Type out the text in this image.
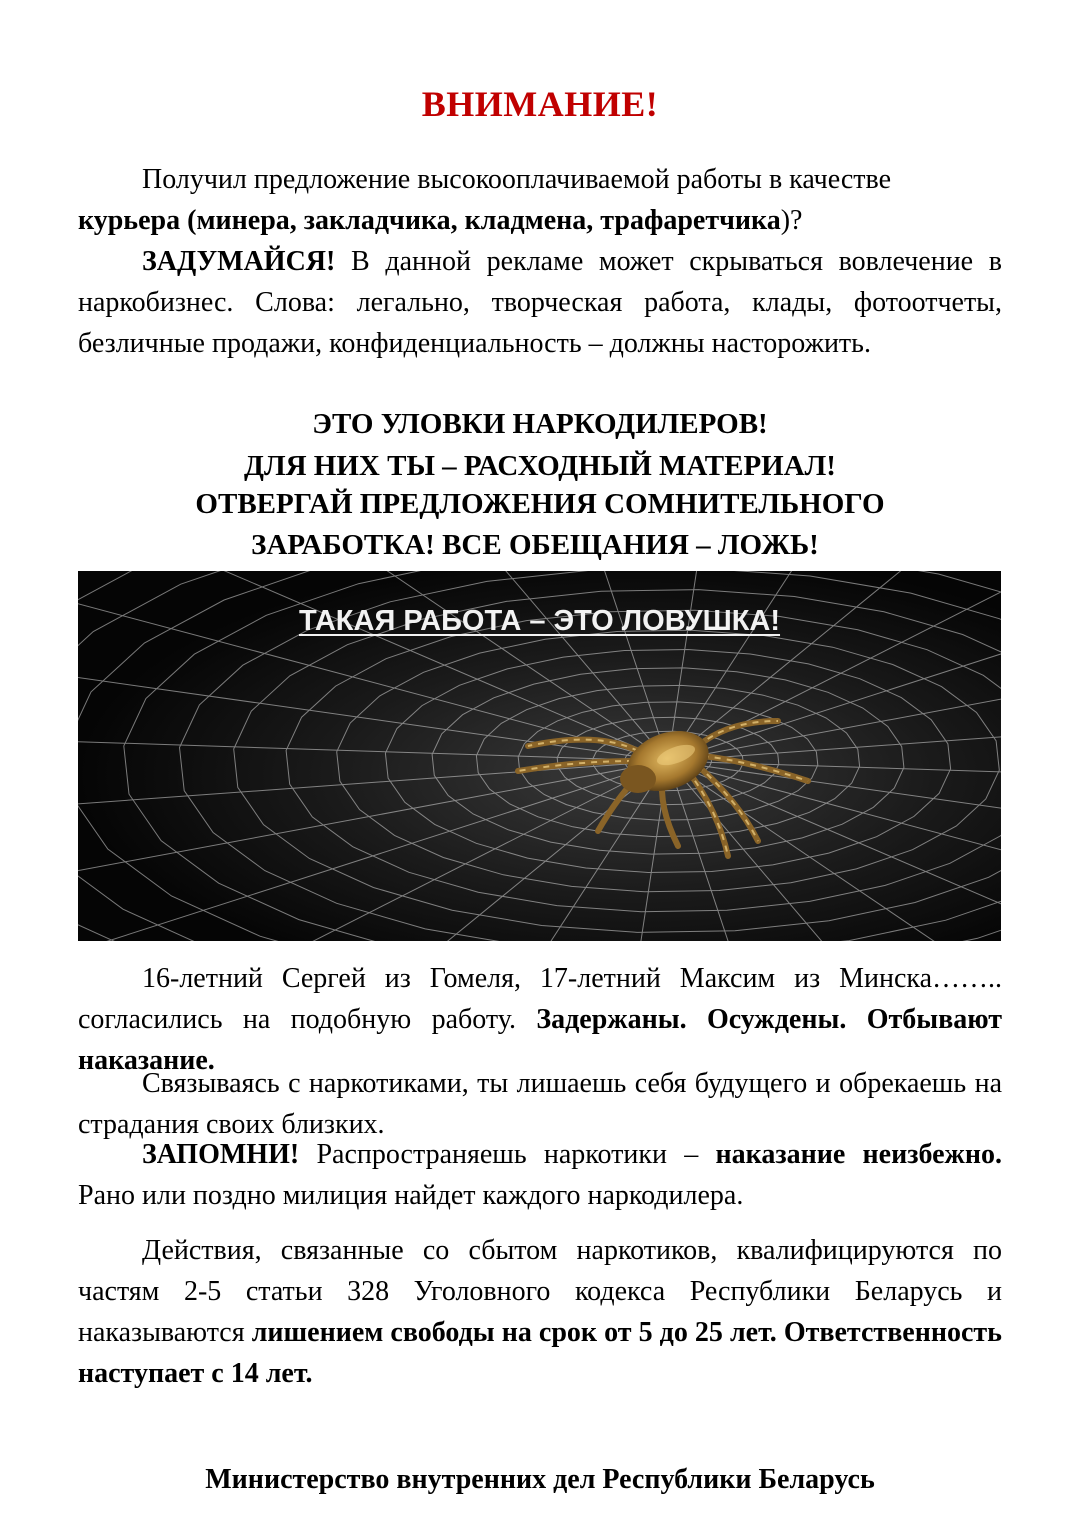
ВНИМАНИЕ!

Получил предложение высокооплачиваемой работы в качестве
курьера (минера, закладчика, кладмена, трафаретчика)?

ЗАДУМАЙСЯ! В данной рекламе может скрываться вовлечение в наркобизнес. Слова: легально, творческая работа, клады, фотоотчеты, безличные продажи, конфиденциальность – должны насторожить.

ЭТО УЛОВКИ НАРКОДИЛЕРОВ!
ДЛЯ НИХ ТЫ – РАСХОДНЫЙ МАТЕРИАЛ!
ОТВЕРГАЙ ПРЕДЛОЖЕНИЯ СОМНИТЕЛЬНОГО
ЗАРАБОТКА! ВСЕ ОБЕЩАНИЯ – ЛОЖЬ!
ТАКАЯ РАБОТА – ЭТО ЛОВУШКА!

16-летний Сергей из Гомеля, 17-летний Максим из Минска…….. согласились на подобную работу. Задержаны. Осуждены. Отбывают наказание.

Связываясь с наркотиками, ты лишаешь себя будущего и обрекаешь на страдания своих близких.

ЗАПОМНИ! Распространяешь наркотики – наказание неизбежно. Рано или поздно милиция найдет каждого наркодилера.

Действия, связанные со сбытом наркотиков, квалифицируются по частям 2-5 статьи 328 Уголовного кодекса Республики Беларусь и наказываются лишением свободы на срок от 5 до 25 лет. Ответственность наступает с 14 лет.

Министерство внутренних дел Республики Беларусь
